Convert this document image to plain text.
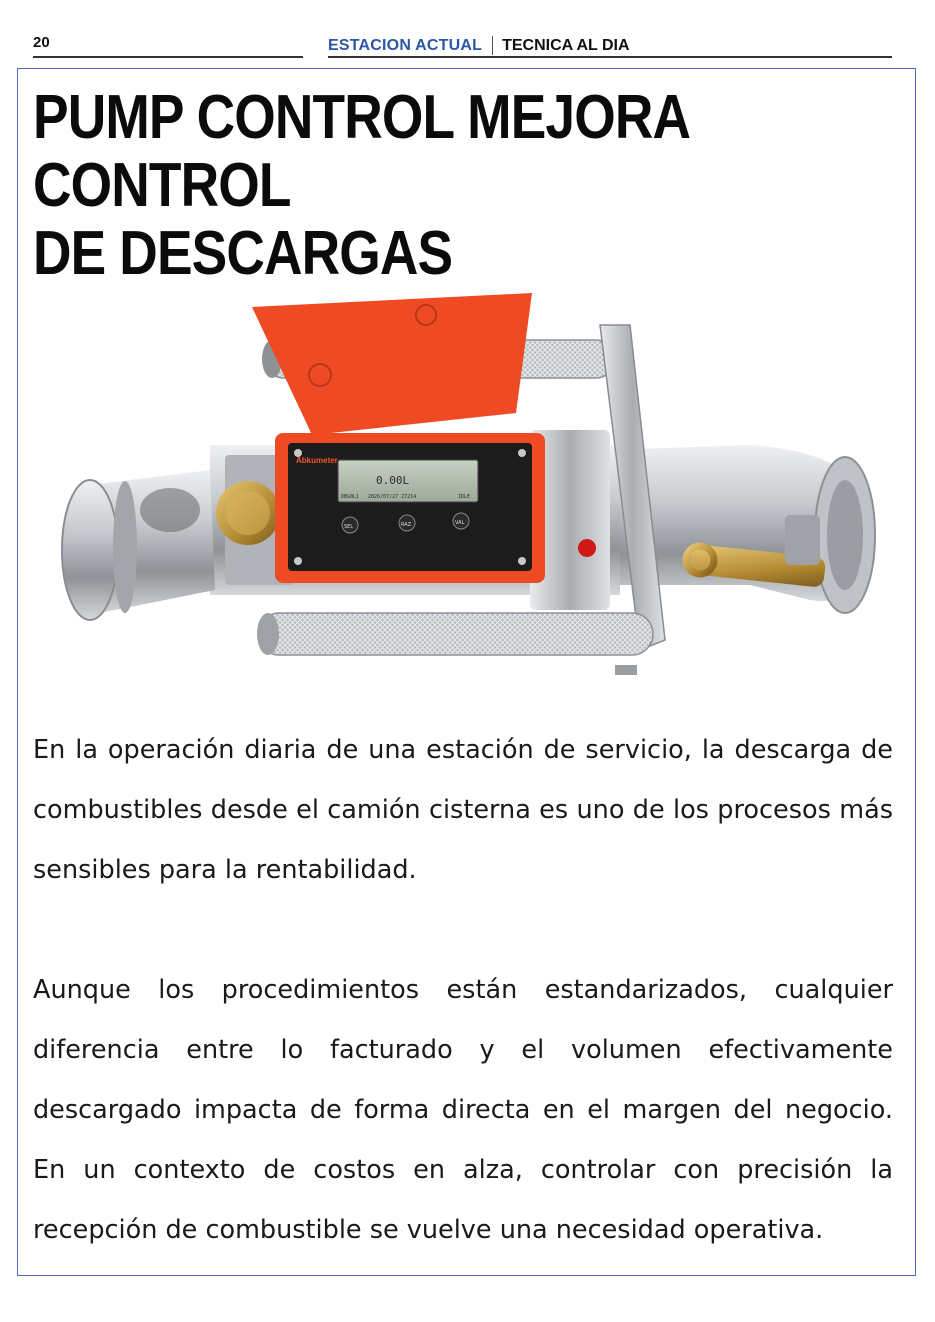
20	ESTACION ACTUAL TECNICA AL DIA
PUMP CONTROL MEJORA CONTROL
DE DESCARGAS
Abkumeter
0.00L
DBG0L1 2026/07/27 27214	IDLE
SEL	RAZ	VAL

En la operación diaria de una estación de servicio, la descarga de combustibles desde el camión cisterna es uno de los procesos más sensibles para la rentabilidad.

Aunque los procedimientos están estandarizados, cualquier diferencia entre lo facturado y el volumen efectivamente descargado impacta de forma directa en el margen del negocio. En un contexto de costos en alza, controlar con precisión la recepción de combustible se vuelve una necesidad operativa.
